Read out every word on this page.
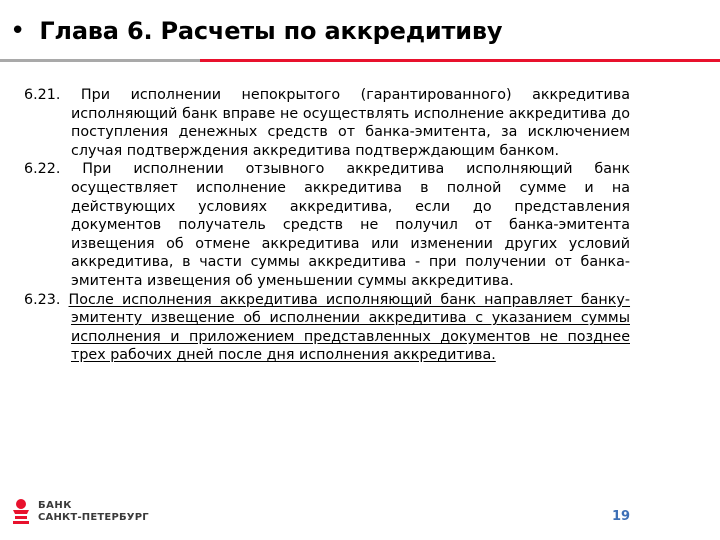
• Глава 6. Расчеты по аккредитиву

6.21. При исполнении непокрытого (гарантированного) аккредитива исполняющий банк вправе не осуществлять исполнение аккредитива до поступления денежных средств от банка-эмитента, за исключением случая подтверждения аккредитива подтверждающим банком.

6.22. При исполнении отзывного аккредитива исполняющий банк осуществляет исполнение аккредитива в полной сумме и на действующих условиях аккредитива, если до представления документов получатель средств не получил от банка-эмитента извещения об отмене аккредитива или изменении других условий аккредитива, в части суммы аккредитива - при получении от банка-эмитента извещения об уменьшении суммы аккредитива.

6.23. После исполнения аккредитива исполняющий банк направляет банку-эмитенту извещение об исполнении аккредитива с указанием суммы исполнения и приложением представленных документов не позднее трех рабочих дней после дня исполнения аккредитива.

БАНК
САНКТ-ПЕТЕРБУРГ	19
